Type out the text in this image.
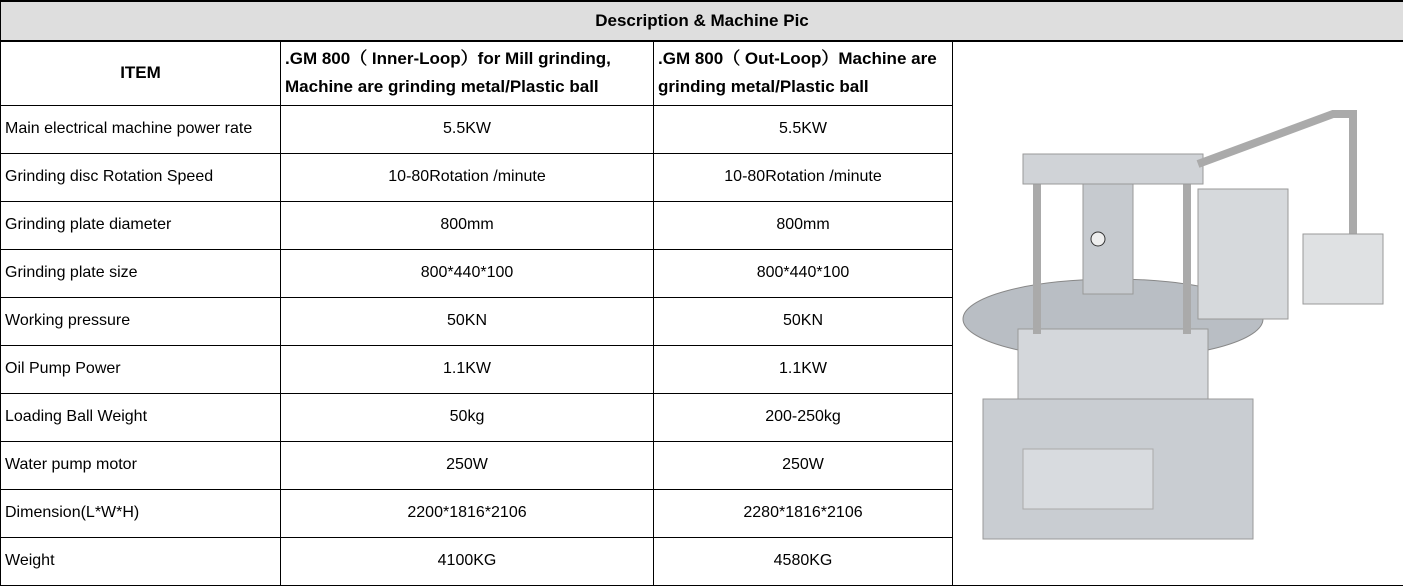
Description & Machine Pic			
ITEM	.GM 800（ Inner-Loop）for Mill grinding, Machine are grinding metal/Plastic ball	.GM 800（ Out-Loop）Machine are grinding metal/Plastic ball	
Main electrical machine power rate	5.5KW	5.5KW	
Grinding disc Rotation Speed	10-80Rotation /minute	10-80Rotation /minute	
Grinding plate diameter	800mm	800mm	
Grinding plate size	800*440*100	800*440*100	
Working pressure	50KN	50KN	
Oil Pump Power	1.1KW	1.1KW	
Loading Ball Weight	50kg	200-250kg	
Water pump motor	250W	250W	
Dimension(L*W*H)	2200*1816*2106	2280*1816*2106	
Weight	4100KG	4580KG	
